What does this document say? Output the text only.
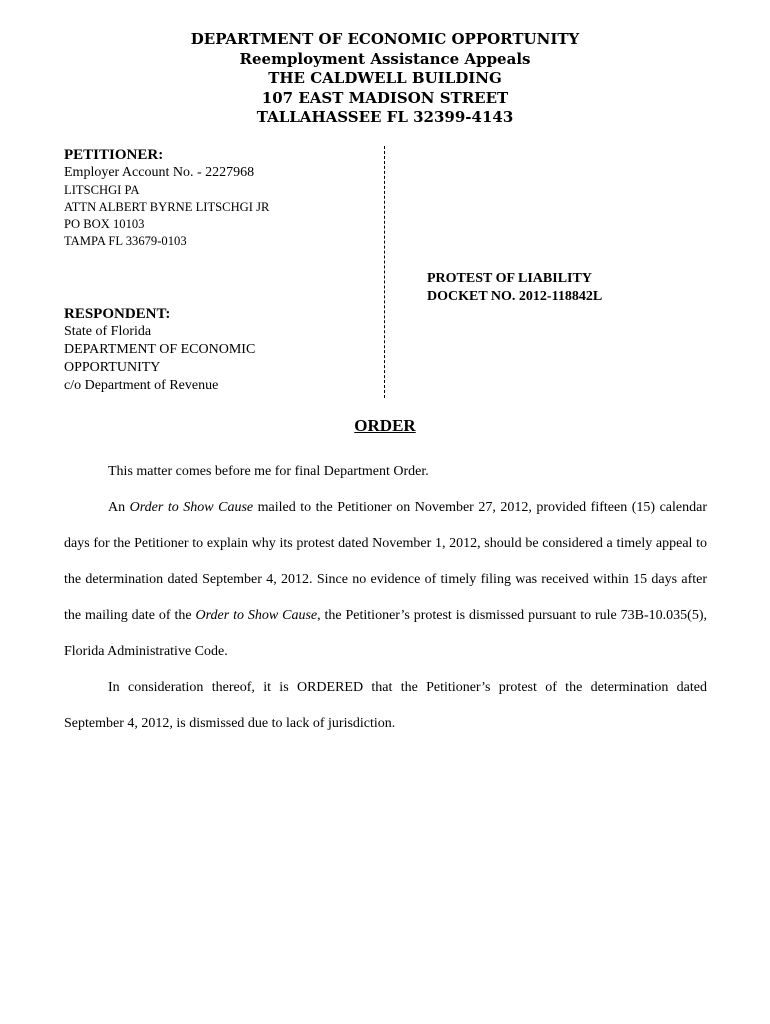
DEPARTMENT OF ECONOMIC OPPORTUNITY
Reemployment Assistance Appeals
THE CALDWELL BUILDING
107 EAST MADISON STREET
TALLAHASSEE FL 32399-4143
PETITIONER:
Employer Account No. - 2227968
LITSCHGI PA
ATTN ALBERT BYRNE LITSCHGI JR
PO BOX 10103
TAMPA FL 33679-0103
RESPONDENT:
State of Florida
DEPARTMENT OF ECONOMIC
OPPORTUNITY
c/o Department of Revenue
PROTEST OF LIABILITY
DOCKET NO. 2012-118842L
ORDER

This matter comes before me for final Department Order.

An Order to Show Cause mailed to the Petitioner on November 27, 2012, provided fifteen (15) calendar days for the Petitioner to explain why its protest dated November 1, 2012, should be considered a timely appeal to the determination dated September 4, 2012. Since no evidence of timely filing was received within 15 days after the mailing date of the Order to Show Cause, the Petitioner’s protest is dismissed pursuant to rule 73B-10.035(5), Florida Administrative Code.

In consideration thereof, it is ORDERED that the Petitioner’s protest of the determination dated September 4, 2012, is dismissed due to lack of jurisdiction.
